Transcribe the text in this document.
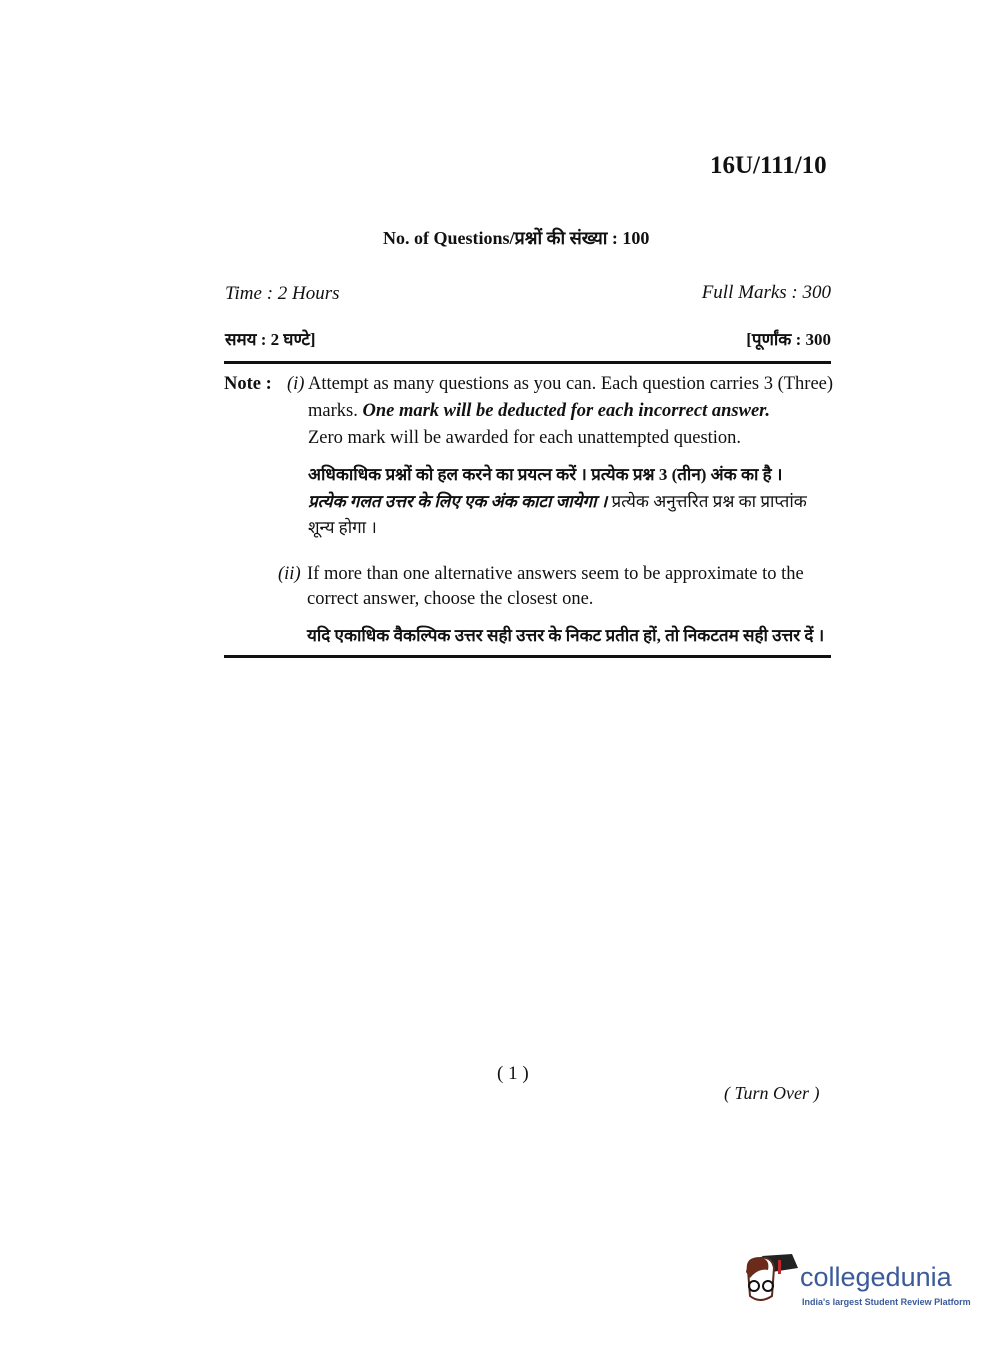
16U/111/10
No. of Questions/प्रश्नों की संख्या : 100
Time : 2 Hours	Full Marks : 300
समय : 2 घण्टे]	[पूर्णांक : 300
Note : (i) Attempt as many questions as you can. Each question carries 3 (Three)
marks. One mark will be deducted for each incorrect answer.
Zero mark will be awarded for each unattempted question.
अधिकाधिक प्रश्नों को हल करने का प्रयत्न करें । प्रत्येक प्रश्न 3 (तीन) अंक का है ।
प्रत्येक गलत उत्तर के लिए एक अंक काटा जायेगा । प्रत्येक अनुत्तरित प्रश्न का प्राप्तांक
शून्य होगा ।
(ii) If more than one alternative answers seem to be approximate to the
correct answer, choose the closest one.
यदि एकाधिक वैकल्पिक उत्तर सही उत्तर के निकट प्रतीत हों, तो निकटतम सही उत्तर दें ।
( 1 )
( Turn Over )
collegedunia
India's largest Student Review Platform
